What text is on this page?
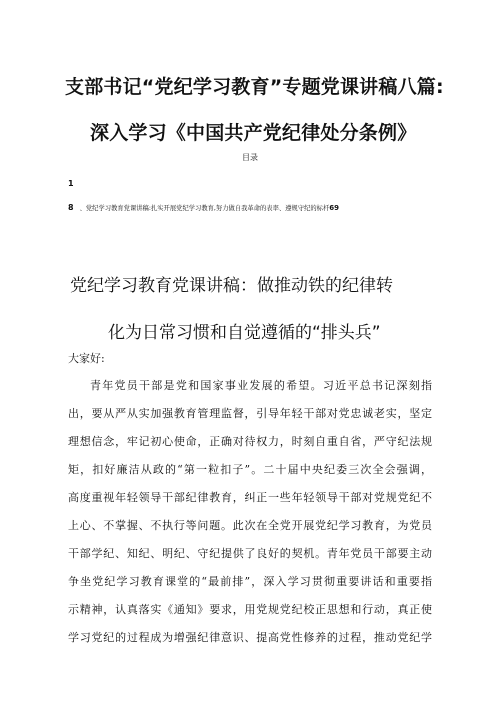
支部书记“党纪学习教育”专题党课讲稿八篇:
深入学习《中国共产党纪律处分条例》
目录
1
8 、党纪学习教育党课讲稿:扎实开展党纪学习教育,努力做自我革命的表率、遵规守纪的标杆69
党纪学习教育党课讲稿：做推动铁的纪律转
化为日常习惯和自觉遵循的“排头兵”
大家好:
青年党员干部是党和国家事业发展的希望。习近平总书记深刻指
出，要从严从实加强教育管理监督，引导年轻干部对党忠诚老实，坚定
理想信念，牢记初心使命，正确对待权力，时刻自重自省，严守纪法规
矩，扣好廉洁从政的“第一粒扣子”。二十届中央纪委三次全会强调，
高度重视年轻领导干部纪律教育，纠正一些年轻领导干部对党规党纪不
上心、不掌握、不执行等问题。此次在全党开展党纪学习教育，为党员
干部学纪、知纪、明纪、守纪提供了良好的契机。青年党员干部要主动
争坐党纪学习教育课堂的“最前排”，深入学习贯彻重要讲话和重要指
示精神，认真落实《通知》要求，用党规党纪校正思想和行动，真正使
学习党纪的过程成为增强纪律意识、提高党性修养的过程，推动党纪学
